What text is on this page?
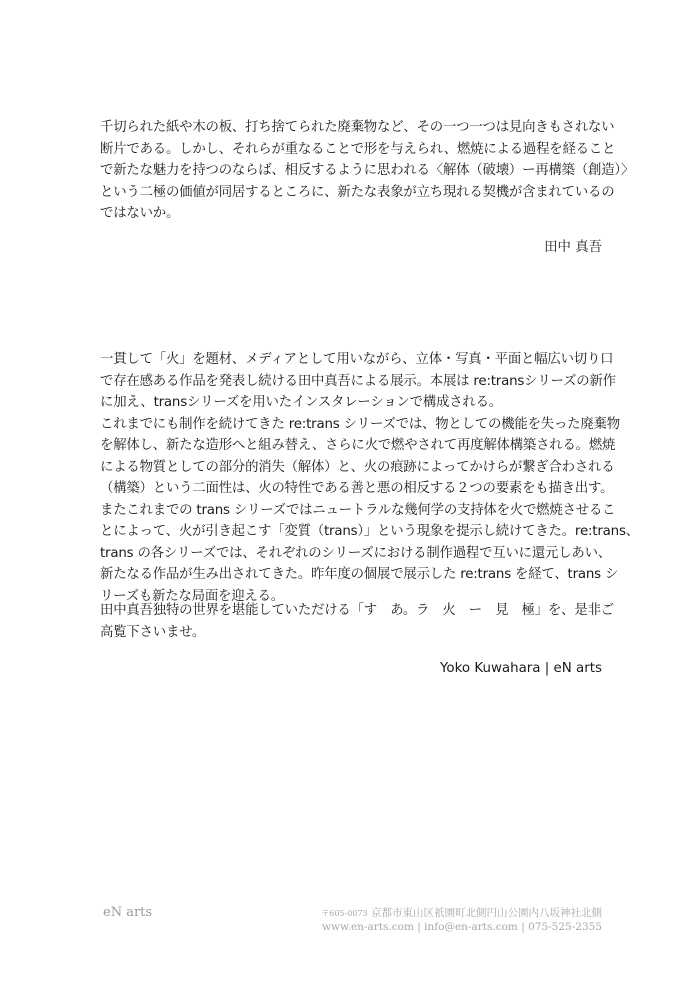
千切られた紙や木の板、打ち捨てられた廃棄物など、その一つ一つは見向きもされない
断片である。しかし、それらが重なることで形を与えられ、燃焼による過程を経ること
で新たな魅力を持つのならば、相反するように思われる〈解体（破壊）ー再構築（創造）〉
という二極の価値が同居するところに、新たな表象が立ち現れる契機が含まれているの
ではないか。
田中 真吾
一貫して「火」を題材、メディアとして用いながら、立体・写真・平面と幅広い切り口
で存在感ある作品を発表し続ける田中真吾による展示。本展は re:transシリーズの新作
に加え、transシリーズを用いたインスタレーションで構成される。
これまでにも制作を続けてきた re:trans シリーズでは、物としての機能を失った廃棄物
を解体し、新たな造形へと組み替え、さらに火で燃やされて再度解体構築される。燃焼
による物質としての部分的消失（解体）と、火の痕跡によってかけらが繋ぎ合わされる
（構築）という二面性は、火の特性である善と悪の相反する２つの要素をも描き出す。
またこれまでの trans シリーズではニュートラルな幾何学の支持体を火で燃焼させるこ
とによって、火が引き起こす「変質（trans）」という現象を提示し続けてきた。re:trans、
trans の各シリーズでは、それぞれのシリーズにおける制作過程で互いに還元しあい、
新たなる作品が生み出されてきた。昨年度の個展で展示した re:trans を経て、trans シ
リーズも新たな局面を迎える。
田中真吾独特の世界を堪能していただける「す　あ。ラ　火　ー　見　極」を、是非ご
高覧下さいませ。
Yoko Kuwahara | eN arts
eN arts	〒605-0073 京都市東山区祇園町北側円山公園内八坂神社北側
www.en-arts.com | info@en-arts.com | 075-525-2355
